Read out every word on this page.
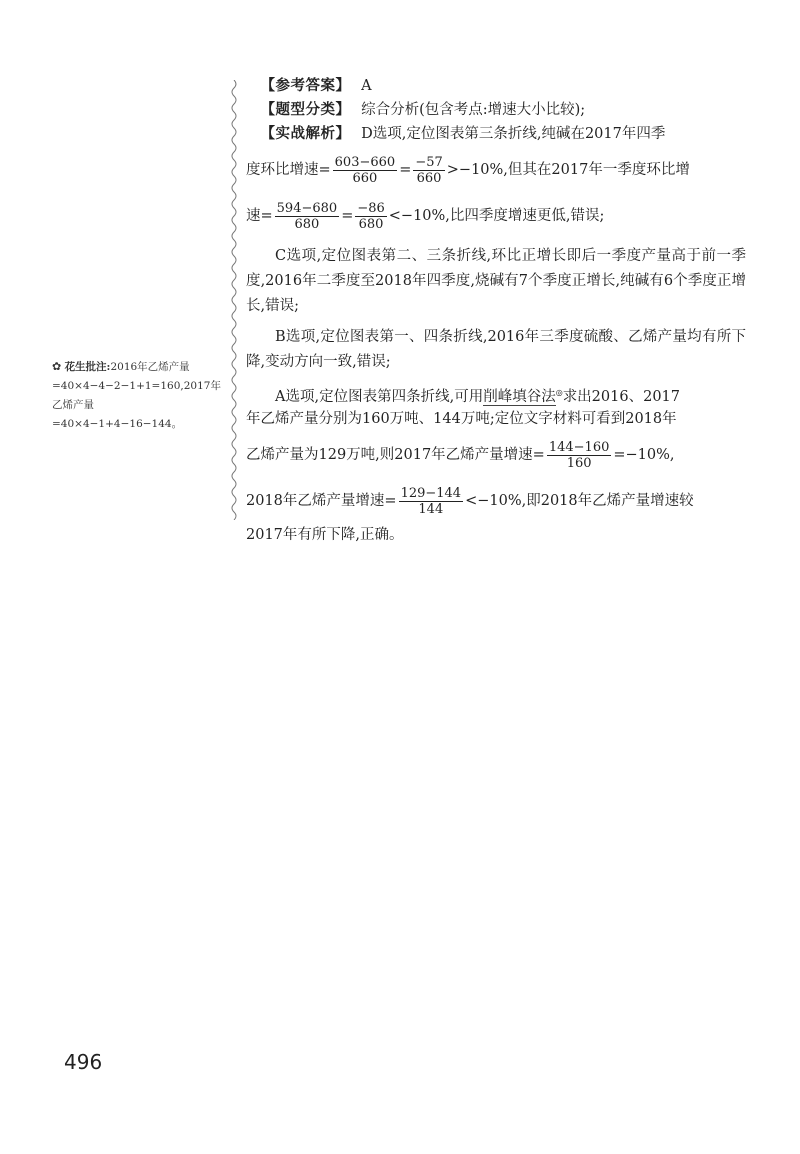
✿ 花生批注:2016年乙烯产量=40×4−4−2−1+1=160,2017年乙烯产量=40×4−1+4−16−144。
【参考答案】 A
【题型分类】 综合分析(包含考点:增速大小比较);
【实战解析】 D选项,定位图表第三条折线,纯碱在2017年四季
度环比增速= $\frac{603-660}{660} = \frac{-57}{660} >-10\%$,但其在2017年一季度环比增
速= $\frac{594-680}{680} = \frac{-86}{680} <-10\%$,比四季度增速更低,错误;
C选项,定位图表第二、三条折线,环比正增长即后一季度产量高于前一季度,2016年二季度至2018年四季度,烧碱有7个季度正增长,纯碱有6个季度正增长,错误;
B选项,定位图表第一、四条折线,2016年三季度硫酸、乙烯产量均有所下降,变动方向一致,错误;
A选项,定位图表第四条折线,可用削峰填谷法◎求出2016、2017
年乙烯产量分别为160万吨、144万吨;定位文字材料可看到2018年
乙烯产量为129万吨,则2017年乙烯产量增速= $\frac{144-160}{160} =-10\%$,
2018年乙烯产量增速= $\frac{129-144}{144} <-10\%$,即2018年乙烯产量增速较
2017年有所下降,正确。
496
